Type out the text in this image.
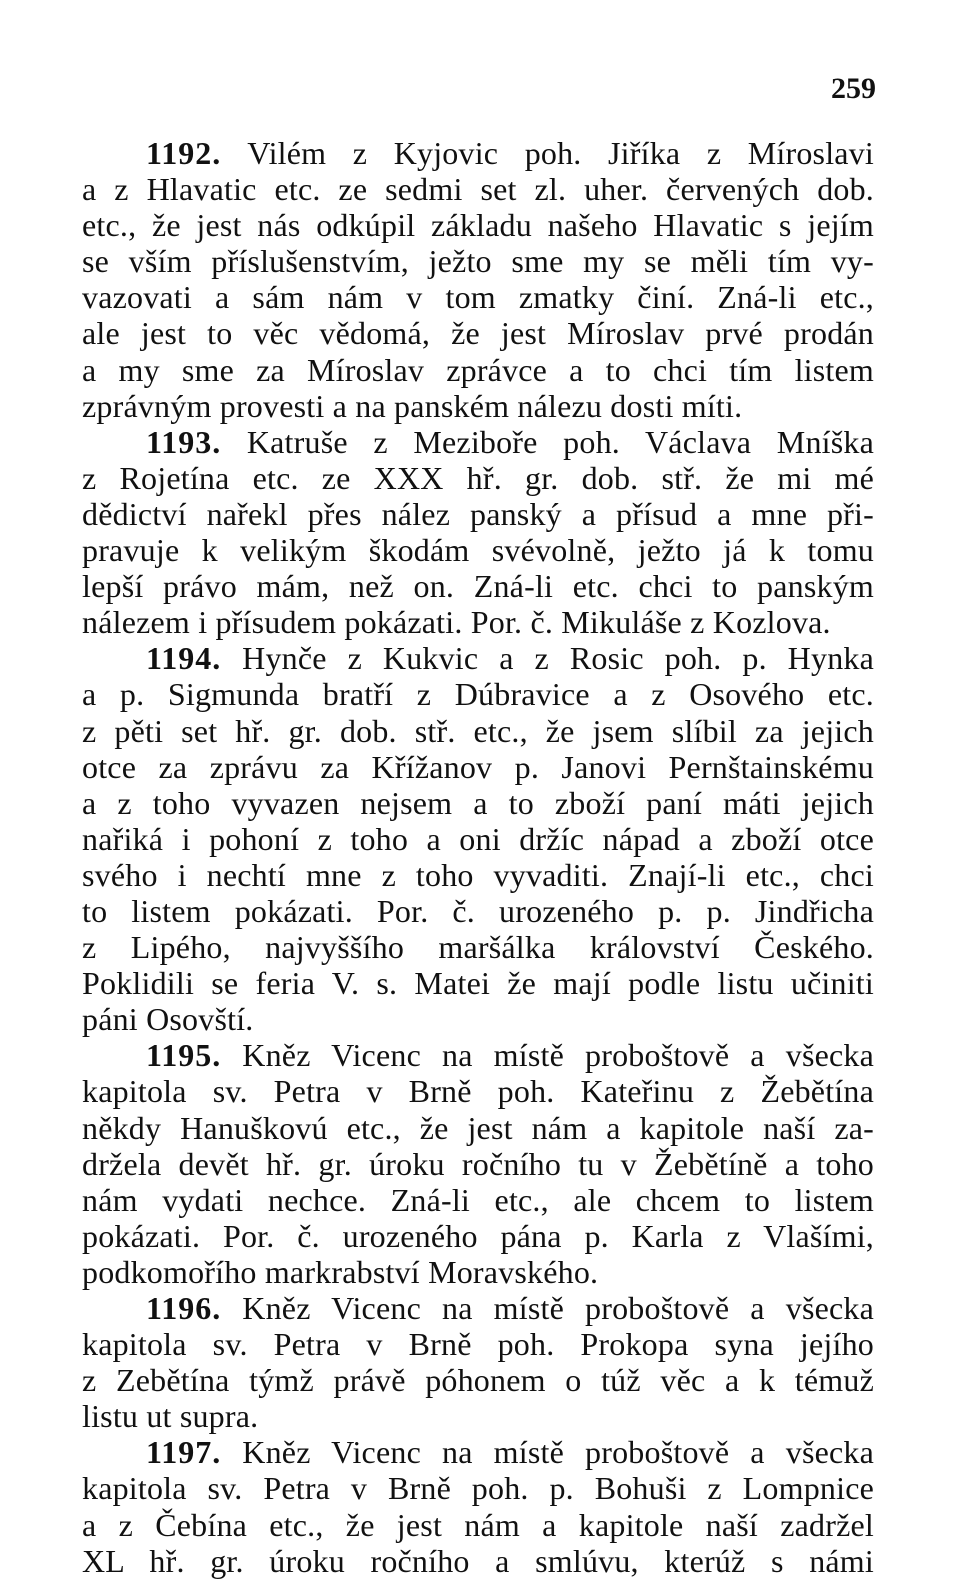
259
1192. Vilém z Kyjovic poh. Jiříka z Míroslavi
a z Hlavatic etc. ze sedmi set zl. uher. červených dob.
etc., že jest nás odkúpil základu našeho Hlavatic s jejím
se vším příslušenstvím, ježto sme my se měli tím vy-
vazovati a sám nám v tom zmatky činí. Zná-li etc.,
ale jest to věc vědomá, že jest Míroslav prvé prodán
a my sme za Míroslav zprávce a to chci tím listem
zprávným provesti a na panském nálezu dosti míti.
1193. Katruše z Meziboře poh. Václava Mníška
z Rojetína etc. ze XXX hř. gr. dob. stř. že mi mé
dědictví nařekl přes nález panský a přísud a mne při-
pravuje k velikým škodám svévolně, ježto já k tomu
lepší právo mám, než on. Zná-li etc. chci to panským
nálezem i přísudem pokázati. Por. č. Mikuláše z Kozlova.
1194. Hynče z Kukvic a z Rosic poh. p. Hynka
a p. Sigmunda bratří z Dúbravice a z Osového etc.
z pěti set hř. gr. dob. stř. etc., že jsem slíbil za jejich
otce za zprávu za Křížanov p. Janovi Pernštainskému
a z toho vyvazen nejsem a to zboží paní máti jejich
nařiká i pohoní z toho a oni držíc nápad a zboží otce
svého i nechtí mne z toho vyvaditi. Znají-li etc., chci
to listem pokázati. Por. č. urozeného p. p. Jindřicha
z Lipého, najvyššího maršálka království Českého.
Poklidili se feria V. s. Matei že mají podle listu učiniti
páni Osovští.
1195. Kněz Vicenc na místě proboštově a všecka
kapitola sv. Petra v Brně poh. Kateřinu z Žebětína
někdy Hanuškovú etc., že jest nám a kapitole naší za-
držela devět hř. gr. úroku ročního tu v Žebětíně a toho
nám vydati nechce. Zná-li etc., ale chcem to listem
pokázati. Por. č. urozeného pána p. Karla z Vlašími,
podkomořího markrabství Moravského.
1196. Kněz Vicenc na místě proboštově a všecka
kapitola sv. Petra v Brně poh. Prokopa syna jejího
z Zebětína týmž právě póhonem o túž věc a k témuž
listu ut supra.
1197. Kněz Vicenc na místě proboštově a všecka
kapitola sv. Petra v Brně poh. p. Bohuši z Lompnice
a z Čebína etc., že jest nám a kapitole naší zadržel
XL hř. gr. úroku ročního a smlúvu, kterúž s námi
